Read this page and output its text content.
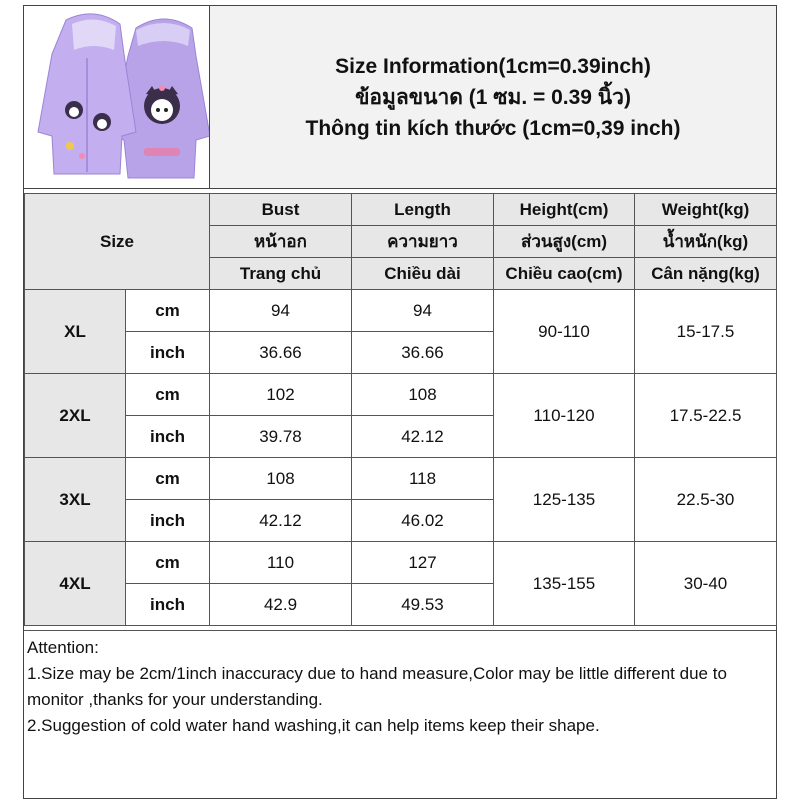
Size Information(1cm=0.39inch)
ข้อมูลขนาด (1 ซม. = 0.39 นิ้ว)
Thông tin kích thước (1cm=0,39 inch)
Size		Bust	Length	Height(cm)	Weight(kg)
		หน้าอก	ความยาว	ส่วนสูง(cm)	น้ำหนัก(kg)
		Trang chủ	Chiều dài	Chiều cao(cm)	Cân nặng(kg)
XL	cm	94	94	90-110	15-17.5
	inch	36.66	36.66		
2XL	cm	102	108	110-120	17.5-22.5
	inch	39.78	42.12		
3XL	cm	108	118	125-135	22.5-30
	inch	42.12	46.02		
4XL	cm	110	127	135-155	30-40
	inch	42.9	49.53		
Attention:
1.Size may be 2cm/1inch inaccuracy due to hand measure,Color may be little different due to monitor ,thanks for your understanding.
2.Suggestion of cold water hand washing,it can help items keep their shape.
